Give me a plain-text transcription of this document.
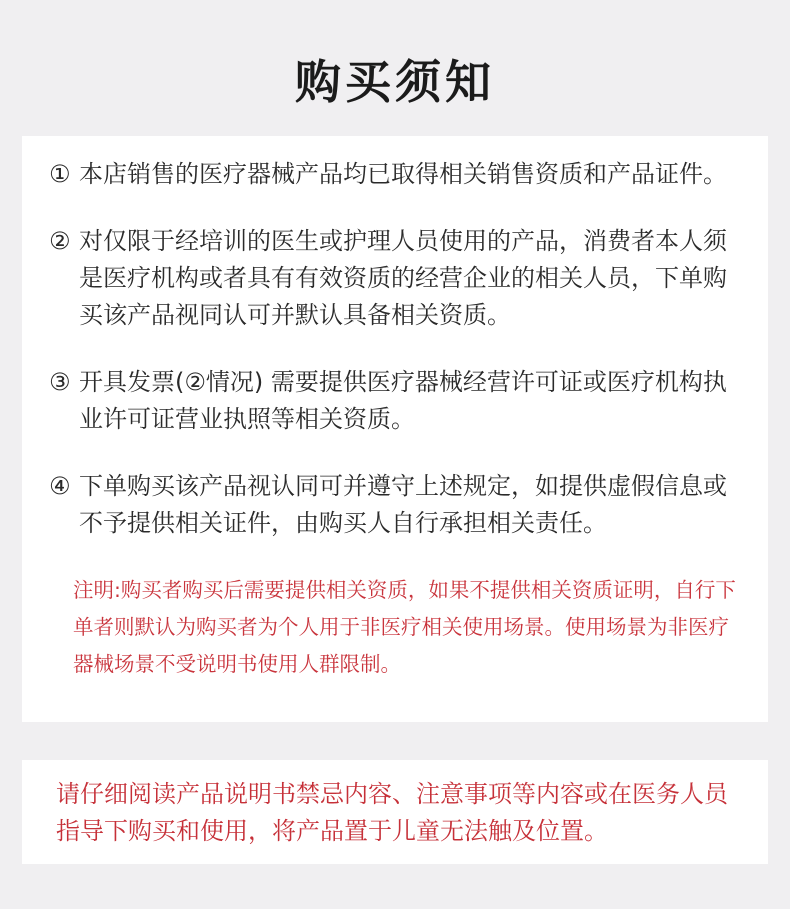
购买须知
① 本店销售的医疗器械产品均已取得相关销售资质和产品证件。
② 对仅限于经培训的医生或护理人员使用的产品，消费者本人须是医疗机构或者具有有效资质的经营企业的相关人员，下单购买该产品视同认可并默认具备相关资质。
③ 开具发票(②情况) 需要提供医疗器械经营许可证或医疗机构执业许可证营业执照等相关资质。
④ 下单购买该产品视认同可并遵守上述规定，如提供虚假信息或不予提供相关证件，由购买人自行承担相关责任。
注明:购买者购买后需要提供相关资质，如果不提供相关资质证明，自行下单者则默认为购买者为个人用于非医疗相关使用场景。使用场景为非医疗器械场景不受说明书使用人群限制。
请仔细阅读产品说明书禁忌内容、注意事项等内容或在医务人员指导下购买和使用，将产品置于儿童无法触及位置。
